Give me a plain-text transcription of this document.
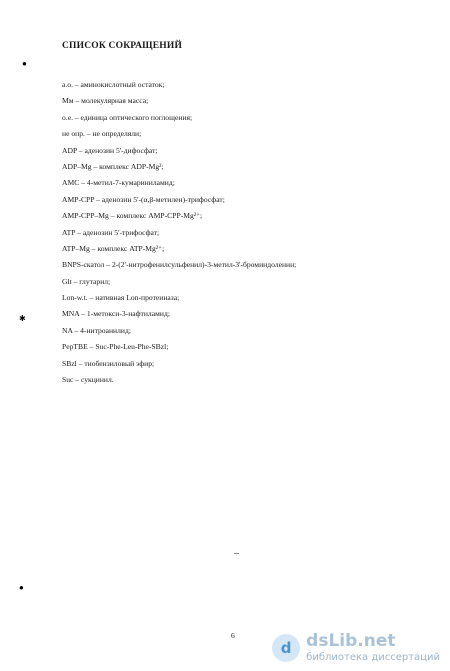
●
✱
●
СПИСОК СОКРАЩЕНИЙ
а.о. – аминокислотный остаток;
Мм – молекулярная масса;
о.е. – единица оптического поглощения;
не опр. – не определяли;
ADP – аденозин 5'-дифосфат;
ADP–Mg – комплекс ADP-Mg²;
AMC – 4-метил-7-кумариниламид;
AMP-CPP – аденозин 5'-(α,β-метилен)-трифосфат;
AMP-CPP–Mg – комплекс AMP-CPP-Mg²⁺;
ATP – аденозин 5'-трифосфат;
ATP–Mg – комплекс ATP-Mg²⁺;
BNPS-скатол – 2-(2'-нитрофенилсульфенил)-3-метил-3'-броминдоленин;
Glt – глутарил;
Lon-w.t. – нативная Lon-протеиназа;
MNA – 1-метокси-3-нафтиламид;
NA – 4-нитроанилид;
PepTBE – Suc-Phe-Leu-Phe-SBzl;
SBzl – тиобензиловый эфир;
Suc – сукцинил.
6
d dsLib.net
библиотека диссертаций
